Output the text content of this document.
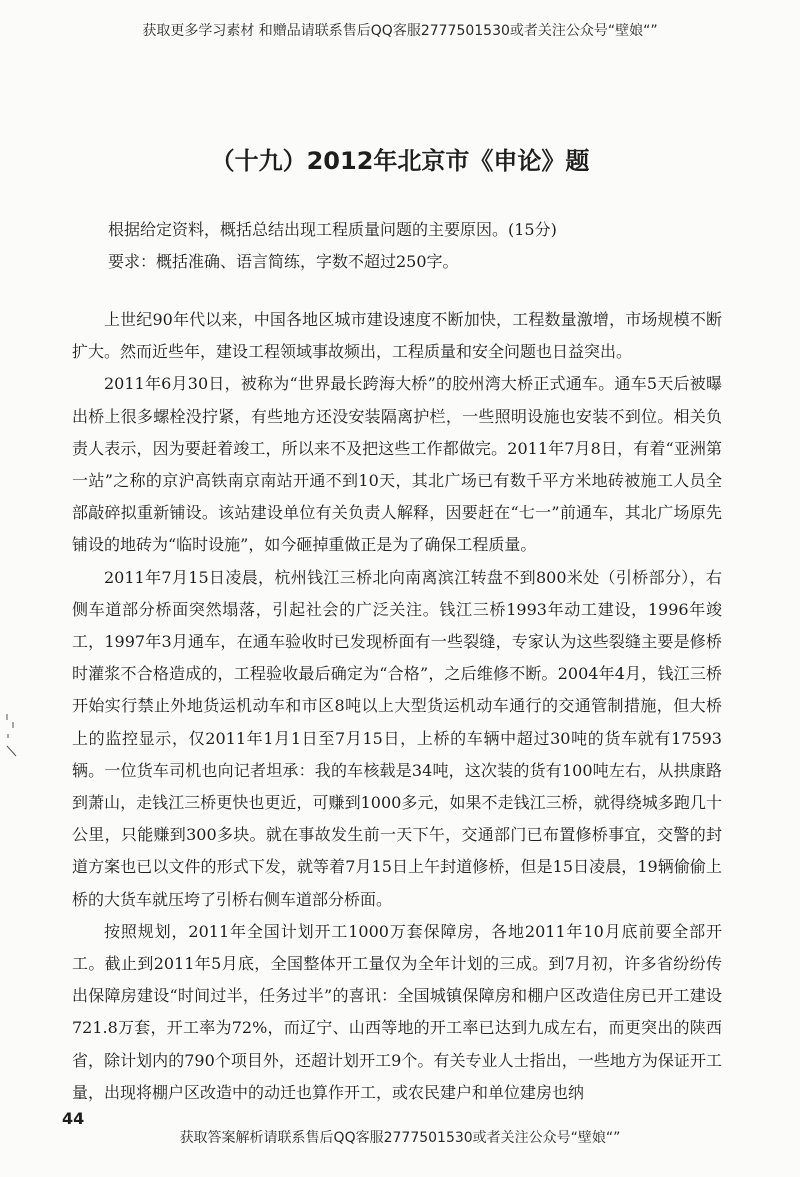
获取更多学习素材 和赠品请联系售后QQ客服2777501530或者关注公众号“壁娘“”
（十九）2012年北京市《申论》题

根据给定资料，概括总结出现工程质量问题的主要原因。(15分)

要求：概括准确、语言简练，字数不超过250字。

上世纪90年代以来，中国各地区城市建设速度不断加快，工程数量激增，市场规模不断扩大。然而近些年，建设工程领域事故频出，工程质量和安全问题也日益突出。

2011年6月30日，被称为“世界最长跨海大桥”的胶州湾大桥正式通车。通车5天后被曝出桥上很多螺栓没拧紧，有些地方还没安装隔离护栏，一些照明设施也安装不到位。相关负责人表示，因为要赶着竣工，所以来不及把这些工作都做完。2011年7月8日，有着“亚洲第一站”之称的京沪高铁南京南站开通不到10天，其北广场已有数千平方米地砖被施工人员全部敲碎拟重新铺设。该站建设单位有关负责人解释，因要赶在“七一”前通车，其北广场原先铺设的地砖为“临时设施”，如今砸掉重做正是为了确保工程质量。

2011年7月15日凌晨，杭州钱江三桥北向南离滨江转盘不到800米处（引桥部分），右侧车道部分桥面突然塌落，引起社会的广泛关注。钱江三桥1993年动工建设，1996年竣工，1997年3月通车，在通车验收时已发现桥面有一些裂缝，专家认为这些裂缝主要是修桥时灌浆不合格造成的，工程验收最后确定为“合格”，之后维修不断。2004年4月，钱江三桥开始实行禁止外地货运机动车和市区8吨以上大型货运机动车通行的交通管制措施，但大桥上的监控显示，仅2011年1月1日至7月15日，上桥的车辆中超过30吨的货车就有17593辆。一位货车司机也向记者坦承：我的车核载是34吨，这次装的货有100吨左右，从拱康路到萧山，走钱江三桥更快也更近，可赚到1000多元，如果不走钱江三桥，就得绕城多跑几十公里，只能赚到300多块。就在事故发生前一天下午，交通部门已布置修桥事宜，交警的封道方案也已以文件的形式下发，就等着7月15日上午封道修桥，但是15日凌晨，19辆偷偷上桥的大货车就压垮了引桥右侧车道部分桥面。

按照规划，2011年全国计划开工1000万套保障房，各地2011年10月底前要全部开工。截止到2011年5月底，全国整体开工量仅为全年计划的三成。到7月初，许多省纷纷传出保障房建设“时间过半，任务过半”的喜讯：全国城镇保障房和棚户区改造住房已开工建设721.8万套，开工率为72%，而辽宁、山西等地的开工率已达到九成左右，而更突出的陕西省，除计划内的790个项目外，还超计划开工9个。有关专业人士指出，一些地方为保证开工量，出现将棚户区改造中的动迁也算作开工，或农民建户和单位建房也纳

44
获取答案解析请联系售后QQ客服2777501530或者关注公众号“壁娘“”
